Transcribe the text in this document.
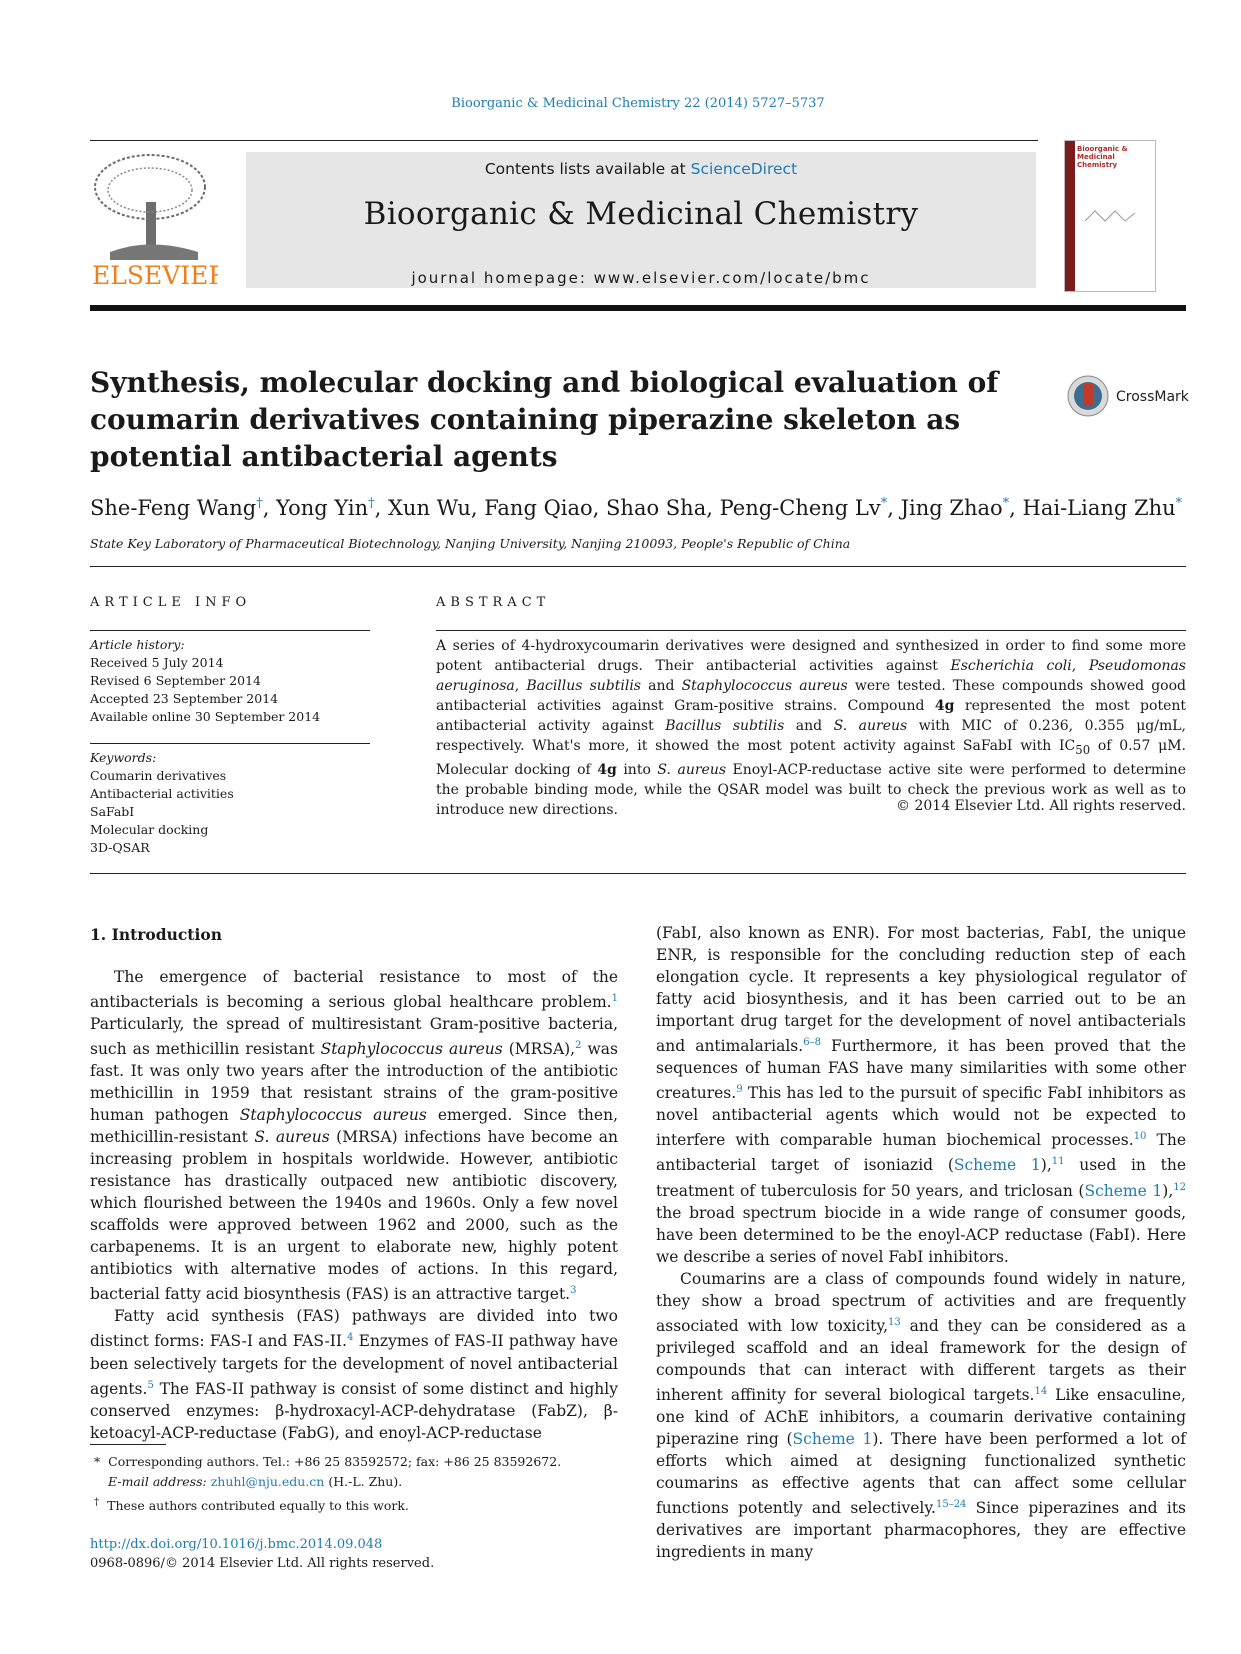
Bioorganic & Medicinal Chemistry 22 (2014) 5727–5737
ELSEVIER
Contents lists available at ScienceDirect
Bioorganic & Medicinal Chemistry
journal homepage: www.elsevier.com/locate/bmc
Bioorganic & Medicinal Chemistry
Synthesis, molecular docking and biological evaluation of coumarin derivatives containing piperazine skeleton as potential antibacterial agents
CrossMark
She-Feng Wang†, Yong Yin†, Xun Wu, Fang Qiao, Shao Sha, Peng-Cheng Lv*, Jing Zhao*, Hai-Liang Zhu*
State Key Laboratory of Pharmaceutical Biotechnology, Nanjing University, Nanjing 210093, People's Republic of China
ARTICLE INFO	ABSTRACT
Article history:
Received 5 July 2014
Revised 6 September 2014
Accepted 23 September 2014
Available online 30 September 2014
Keywords:
Coumarin derivatives
Antibacterial activities
SaFabI
Molecular docking
3D-QSAR

A series of 4-hydroxycoumarin derivatives were designed and synthesized in order to find some more potent antibacterial drugs. Their antibacterial activities against Escherichia coli, Pseudomonas aeruginosa, Bacillus subtilis and Staphylococcus aureus were tested. These compounds showed good antibacterial activities against Gram-positive strains. Compound 4g represented the most potent antibacterial activity against Bacillus subtilis and S. aureus with MIC of 0.236, 0.355 μg/mL, respectively. What's more, it showed the most potent activity against SaFabI with $IC_{50}$ of 0.57 μM. Molecular docking of 4g into S. aureus Enoyl-ACP-reductase active site were performed to determine the probable binding mode, while the QSAR model was built to check the previous work as well as to introduce new directions.	© 2014 Elsevier Ltd. All rights reserved.
1. Introduction

The emergence of bacterial resistance to most of the antibacterials is becoming a serious global healthcare problem.$^1$ Particularly, the spread of multiresistant Gram-positive bacteria, such as methicillin resistant Staphylococcus aureus (MRSA),$^2$ was fast. It was only two years after the introduction of the antibiotic methicillin in 1959 that resistant strains of the gram-positive human pathogen Staphylococcus aureus emerged. Since then, methicillin-resistant S. aureus (MRSA) infections have become an increasing problem in hospitals worldwide. However, antibiotic resistance has drastically outpaced new antibiotic discovery, which flourished between the 1940s and 1960s. Only a few novel scaffolds were approved between 1962 and 2000, such as the carbapenems. It is an urgent to elaborate new, highly potent antibiotics with alternative modes of actions. In this regard, bacterial fatty acid biosynthesis (FAS) is an attractive target.$^3$

Fatty acid synthesis (FAS) pathways are divided into two distinct forms: FAS-I and FAS-II.$^4$ Enzymes of FAS-II pathway have been selectively targets for the development of novel antibacterial agents.$^5$ The FAS-II pathway is consist of some distinct and highly conserved enzymes: β-hydroxacyl-ACP-dehydratase (FabZ), β-ketoacyl-ACP-reductase (FabG), and enoyl-ACP-reductase

(FabI, also known as ENR). For most bacterias, FabI, the unique ENR, is responsible for the concluding reduction step of each elongation cycle. It represents a key physiological regulator of fatty acid biosynthesis, and it has been carried out to be an important drug target for the development of novel antibacterials and antimalarials.$^{6-8}$ Furthermore, it has been proved that the sequences of human FAS have many similarities with some other creatures.$^9$ This has led to the pursuit of specific FabI inhibitors as novel antibacterial agents which would not be expected to interfere with comparable human biochemical processes.$^{10}$ The antibacterial target of isoniazid (Scheme 1),$^{11}$ used in the treatment of tuberculosis for 50 years, and triclosan (Scheme 1),$^{12}$ the broad spectrum biocide in a wide range of consumer goods, have been determined to be the enoyl-ACP reductase (FabI). Here we describe a series of novel FabI inhibitors.

Coumarins are a class of compounds found widely in nature, they show a broad spectrum of activities and are frequently associated with low toxicity,$^{13}$ and they can be considered as a privileged scaffold and an ideal framework for the design of compounds that can interact with different targets as their inherent affinity for several biological targets.$^{14}$ Like ensaculine, one kind of AChE inhibitors, a coumarin derivative containing piperazine ring (Scheme 1). There have been performed a lot of efforts which aimed at designing functionalized synthetic coumarins as effective agents that can affect some cellular functions potently and selectively.$^{15-24}$ Since piperazines and its derivatives are important pharmacophores, they are effective ingredients in many

*  Corresponding authors. Tel.: +86 25 83592572; fax: +86 25 83592672.
E-mail address: zhuhl@nju.edu.cn (H.-L. Zhu).
† These authors contributed equally to this work.
http://dx.doi.org/10.1016/j.bmc.2014.09.048
0968-0896/© 2014 Elsevier Ltd. All rights reserved.
